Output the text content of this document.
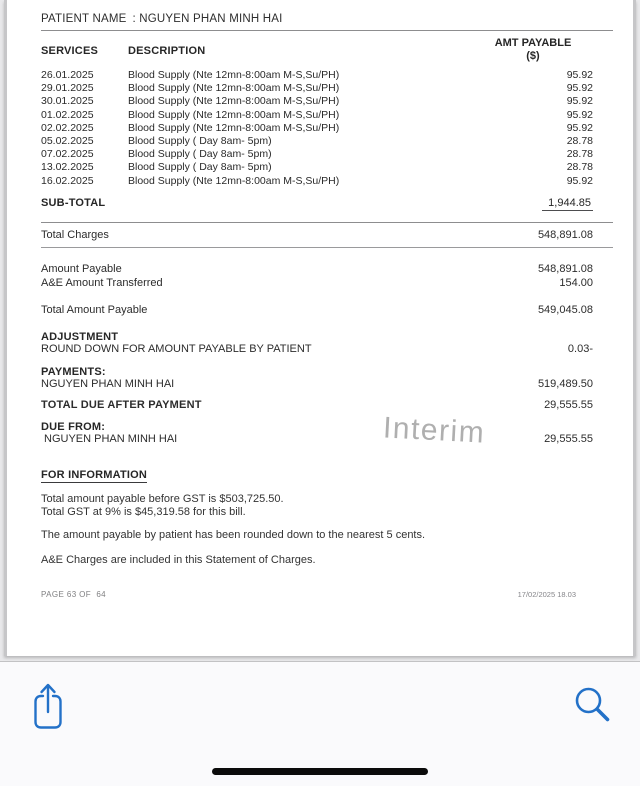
PATIENT NAME : NGUYEN PHAN MINH HAI
SERVICES	DESCRIPTION
AMT PAYABLE
($)
26.01.2025	Blood Supply (Nte 12mn-8:00am M-S,Su/PH)	95.92
29.01.2025	Blood Supply (Nte 12mn-8:00am M-S,Su/PH)	95.92
30.01.2025	Blood Supply (Nte 12mn-8:00am M-S,Su/PH)	95.92
01.02.2025	Blood Supply (Nte 12mn-8:00am M-S,Su/PH)	95.92
02.02.2025	Blood Supply (Nte 12mn-8:00am M-S,Su/PH)	95.92
05.02.2025	Blood Supply ( Day 8am- 5pm)	28.78
07.02.2025	Blood Supply ( Day 8am- 5pm)	28.78
13.02.2025	Blood Supply ( Day 8am- 5pm)	28.78
16.02.2025	Blood Supply (Nte 12mn-8:00am M-S,Su/PH)	95.92
SUB-TOTAL	1,944.85
Total Charges	548,891.08
Amount Payable	548,891.08
A&E Amount Transferred	154.00
Total Amount Payable	549,045.08
ADJUSTMENT
ROUND DOWN FOR AMOUNT PAYABLE BY PATIENT	0.03-
PAYMENTS:
NGUYEN PHAN MINH HAI	519,489.50
TOTAL DUE AFTER PAYMENT	29,555.55
DUE FROM:
NGUYEN PHAN MINH HAI	29,555.55
Interim
FOR INFORMATION
Total amount payable before GST is $503,725.50.
Total GST at 9% is $45,319.58 for this bill.
The amount payable by patient has been rounded down to the nearest 5 cents.
A&E Charges are included in this Statement of Charges.
PAGE 63 OF  64	17/02/2025 18.03
